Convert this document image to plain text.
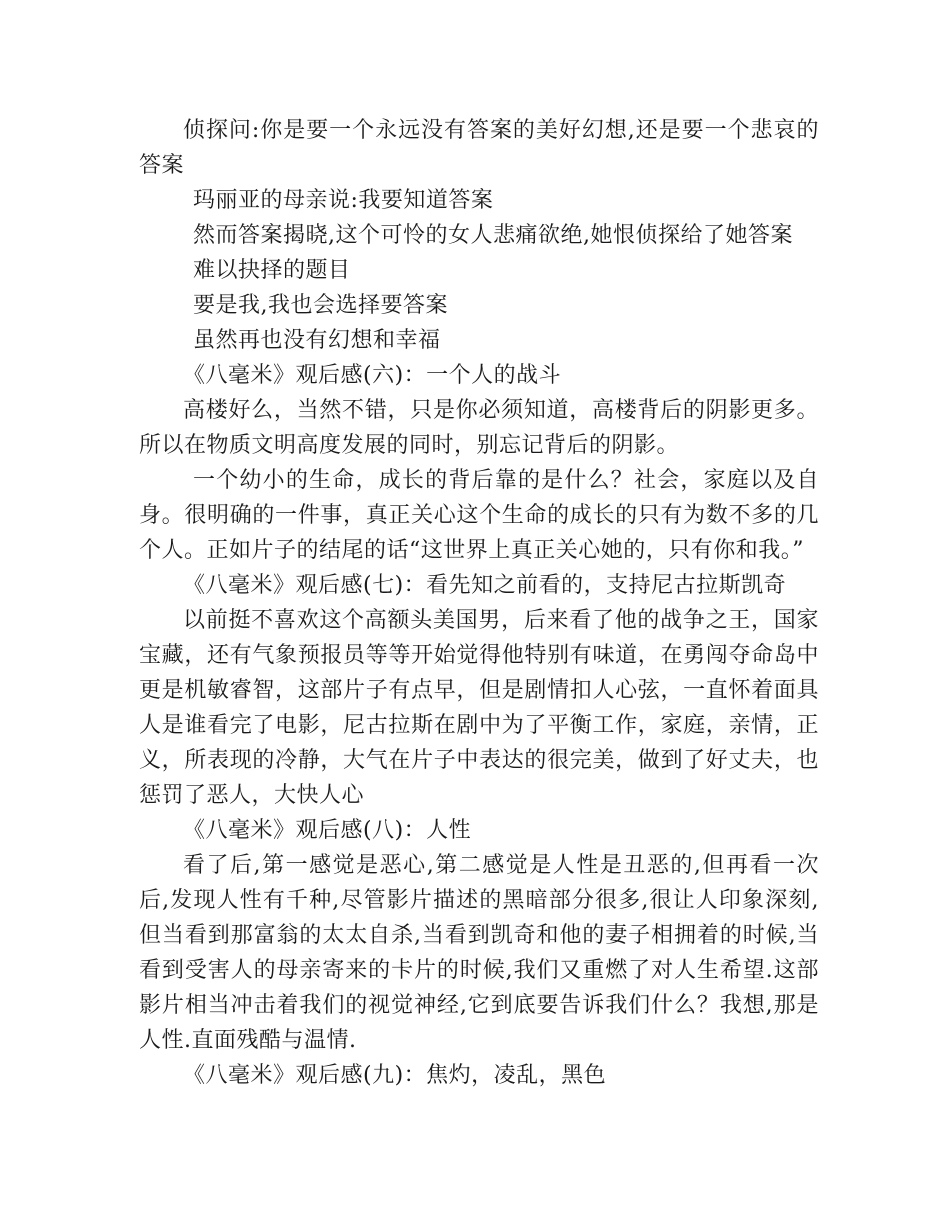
侦探问:你是要一个永远没有答案的美好幻想,还是要一个悲哀的答案

玛丽亚的母亲说:我要知道答案

然而答案揭晓,这个可怜的女人悲痛欲绝,她恨侦探给了她答案

难以抉择的题目

要是我,我也会选择要答案

虽然再也没有幻想和幸福

《八毫米》观后感(六)：一个人的战斗

高楼好么，当然不错，只是你必须知道，高楼背后的阴影更多。所以在物质文明高度发展的同时，别忘记背后的阴影。

一个幼小的生命，成长的背后靠的是什么？社会，家庭以及自身。很明确的一件事，真正关心这个生命的成长的只有为数不多的几个人。正如片子的结尾的话“这世界上真正关心她的，只有你和我。”

《八毫米》观后感(七)：看先知之前看的，支持尼古拉斯凯奇

以前挺不喜欢这个高额头美国男，后来看了他的战争之王，国家宝藏，还有气象预报员等等开始觉得他特别有味道，在勇闯夺命岛中更是机敏睿智，这部片子有点早，但是剧情扣人心弦，一直怀着面具人是谁看完了电影，尼古拉斯在剧中为了平衡工作，家庭，亲情，正义，所表现的冷静，大气在片子中表达的很完美，做到了好丈夫，也惩罚了恶人，大快人心

《八毫米》观后感(八)：人性

看了后,第一感觉是恶心,第二感觉是人性是丑恶的,但再看一次后,发现人性有千种,尽管影片描述的黑暗部分很多,很让人印象深刻,但当看到那富翁的太太自杀,当看到凯奇和他的妻子相拥着的时候,当看到受害人的母亲寄来的卡片的时候,我们又重燃了对人生希望.这部影片相当冲击着我们的视觉神经,它到底要告诉我们什么？我想,那是人性.直面残酷与温情.

《八毫米》观后感(九)：焦灼，凌乱，黑色
